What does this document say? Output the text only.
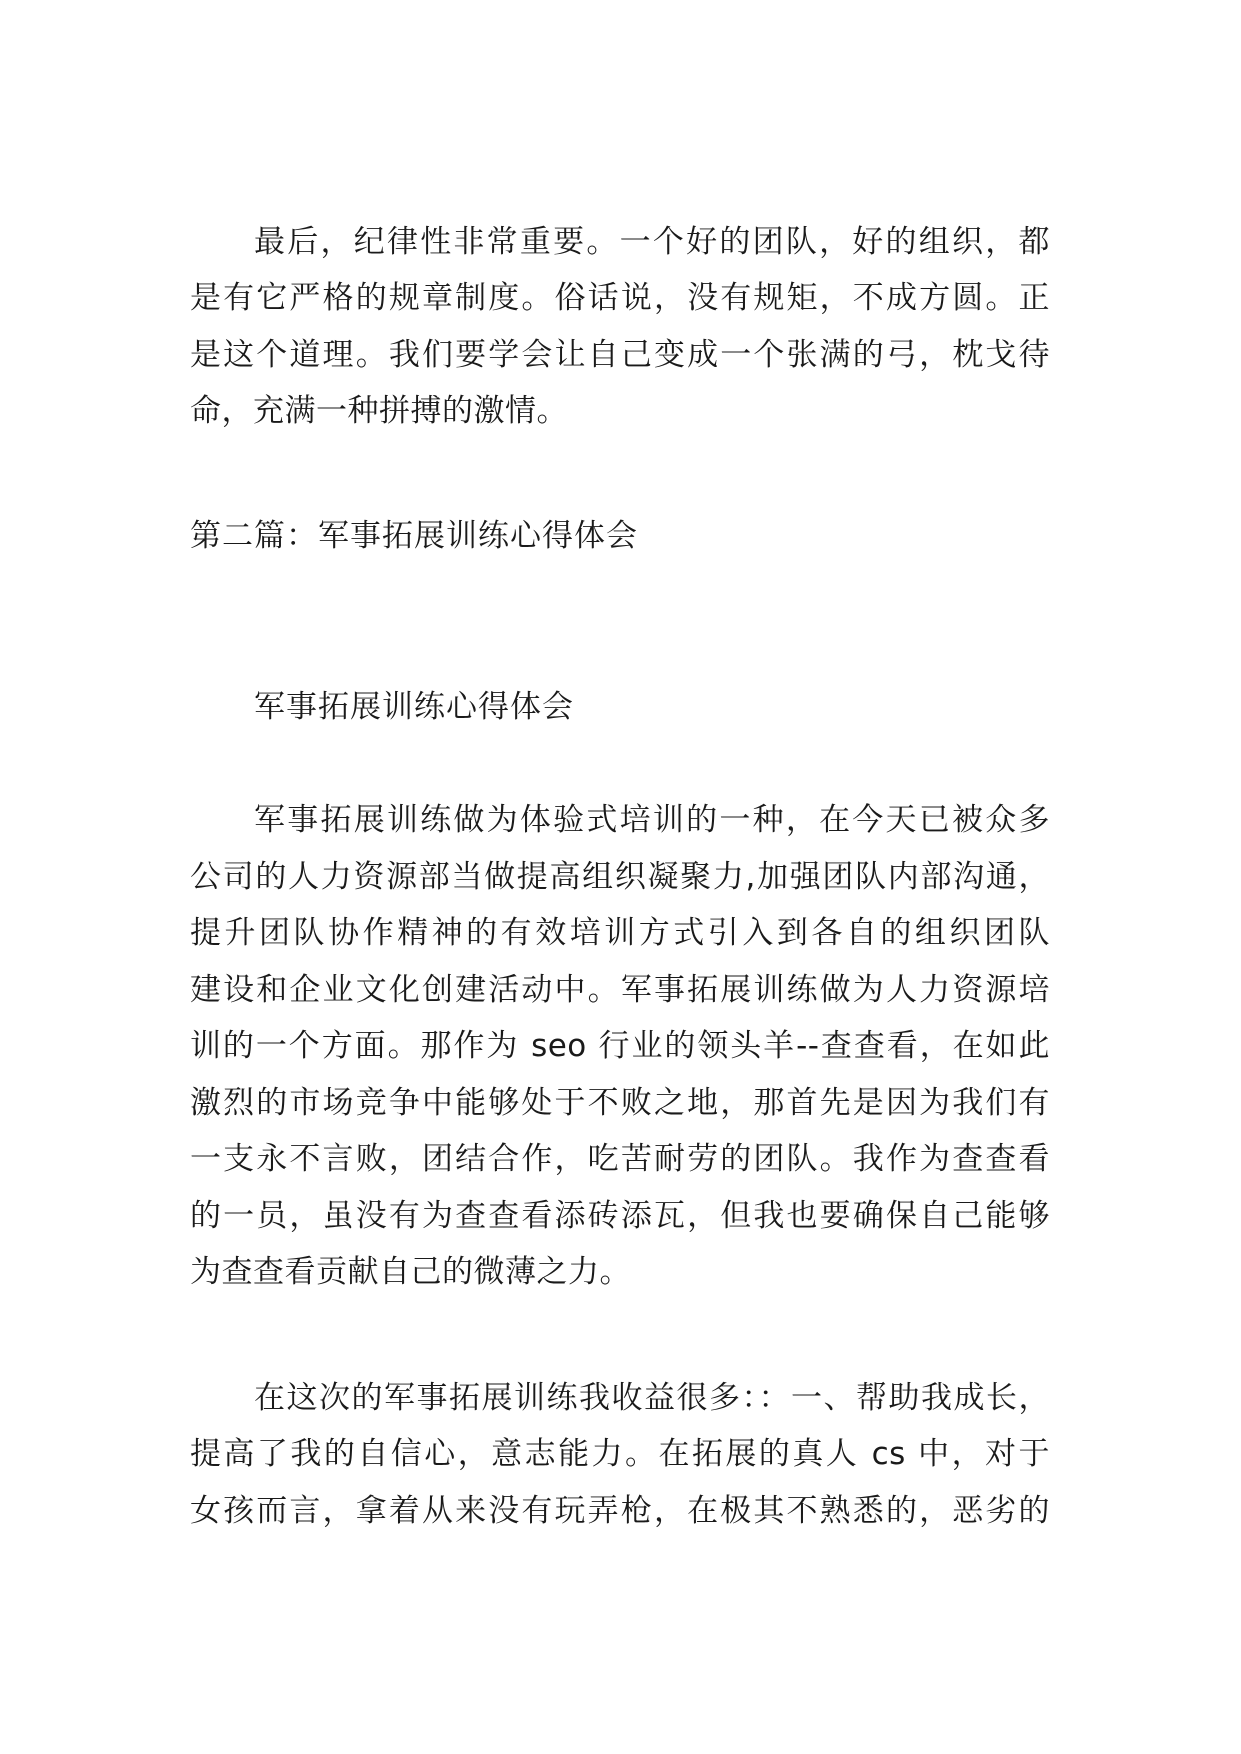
最后，纪律性非常重要。一个好的团队，好的组织，都
是有它严格的规章制度。俗话说，没有规矩，不成方圆。正
是这个道理。我们要学会让自己变成一个张满的弓，枕戈待
命，充满一种拼搏的激情。
第二篇：军事拓展训练心得体会
军事拓展训练心得体会
军事拓展训练做为体验式培训的一种，在今天已被众多
公司的人力资源部当做提高组织凝聚力,加强团队内部沟通，
提升团队协作精神的有效培训方式引入到各自的组织团队
建设和企业文化创建活动中。军事拓展训练做为人力资源培
训的一个方面。那作为 seo 行业的领头羊--查查看，在如此
激烈的市场竞争中能够处于不败之地，那首先是因为我们有
一支永不言败，团结合作，吃苦耐劳的团队。我作为查查看
的一员，虽没有为查查看添砖添瓦，但我也要确保自己能够
为查查看贡献自己的微薄之力。
在这次的军事拓展训练我收益很多：：一、帮助我成长，
提高了我的自信心，意志能力。在拓展的真人 cs 中，对于
女孩而言，拿着从来没有玩弄枪，在极其不熟悉的，恶劣的
